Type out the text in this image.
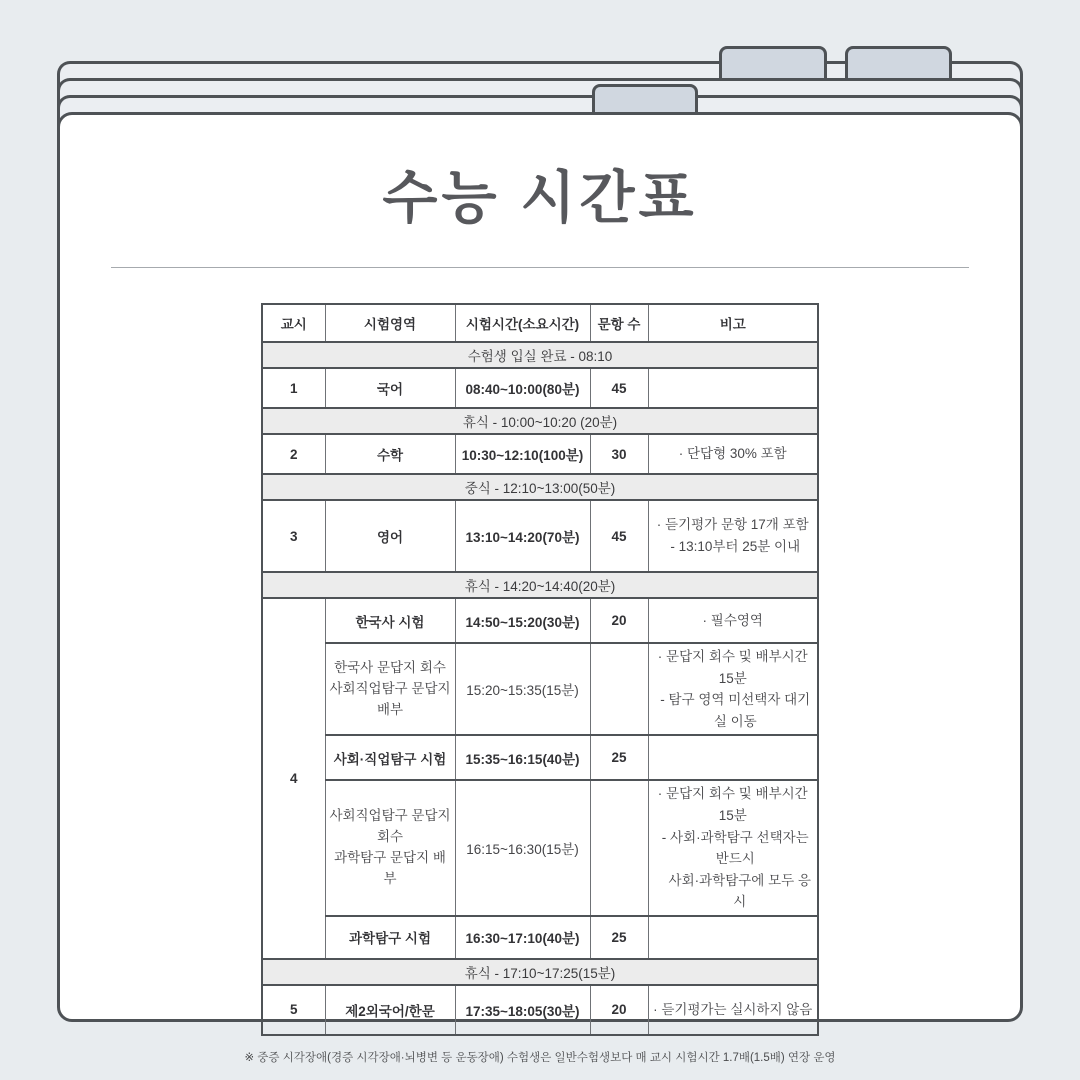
수능 시간표
교시	시험영역	시험시간(소요시간)	문항 수	비고
수험생 입실 완료 - 08:10				
1	국어	08:40~10:00(80분)	45	
휴식 - 10:00~10:20 (20분)				
2	수학	10:30~12:10(100분)	30	· 단답형 30% 포함
중식 - 12:10~13:00(50분)				
3	영어	13:10~14:20(70분)	45	· 듣기평가 문항 17개 포함
- 13:10부터 25분 이내

휴식 - 14:20~14:40(20분)				
4	한국사 시험	14:50~15:20(30분)	20	· 필수영역

	한국사 문답지 회수
사회직업탐구 문답지 배부	15:20~15:35(15분)		· 문답지 회수 및 배부시간 15분
- 탐구 영역 미선택자 대기실 이동

	사회·직업탐구 시험	15:35~16:15(40분)	25	

	사회직업탐구 문답지 회수
과학탐구 문답지 배부	16:15~16:30(15분)		· 문답지 회수 및 배부시간 15분
- 사회·과학탐구 선택자는 반드시
사회·과학탐구에 모두 응시

	과학탐구 시험	16:30~17:10(40분)	25	
휴식 - 17:10~17:25(15분)				
5	제2외국어/한문	17:35~18:05(30분)	20	· 듣기평가는 실시하지 않음

※ 중증 시각장애(경증 시각장애·뇌병변 등 운동장애) 수험생은 일반수험생보다 매 교시 시험시간 1.7배(1.5배) 연장 운영
